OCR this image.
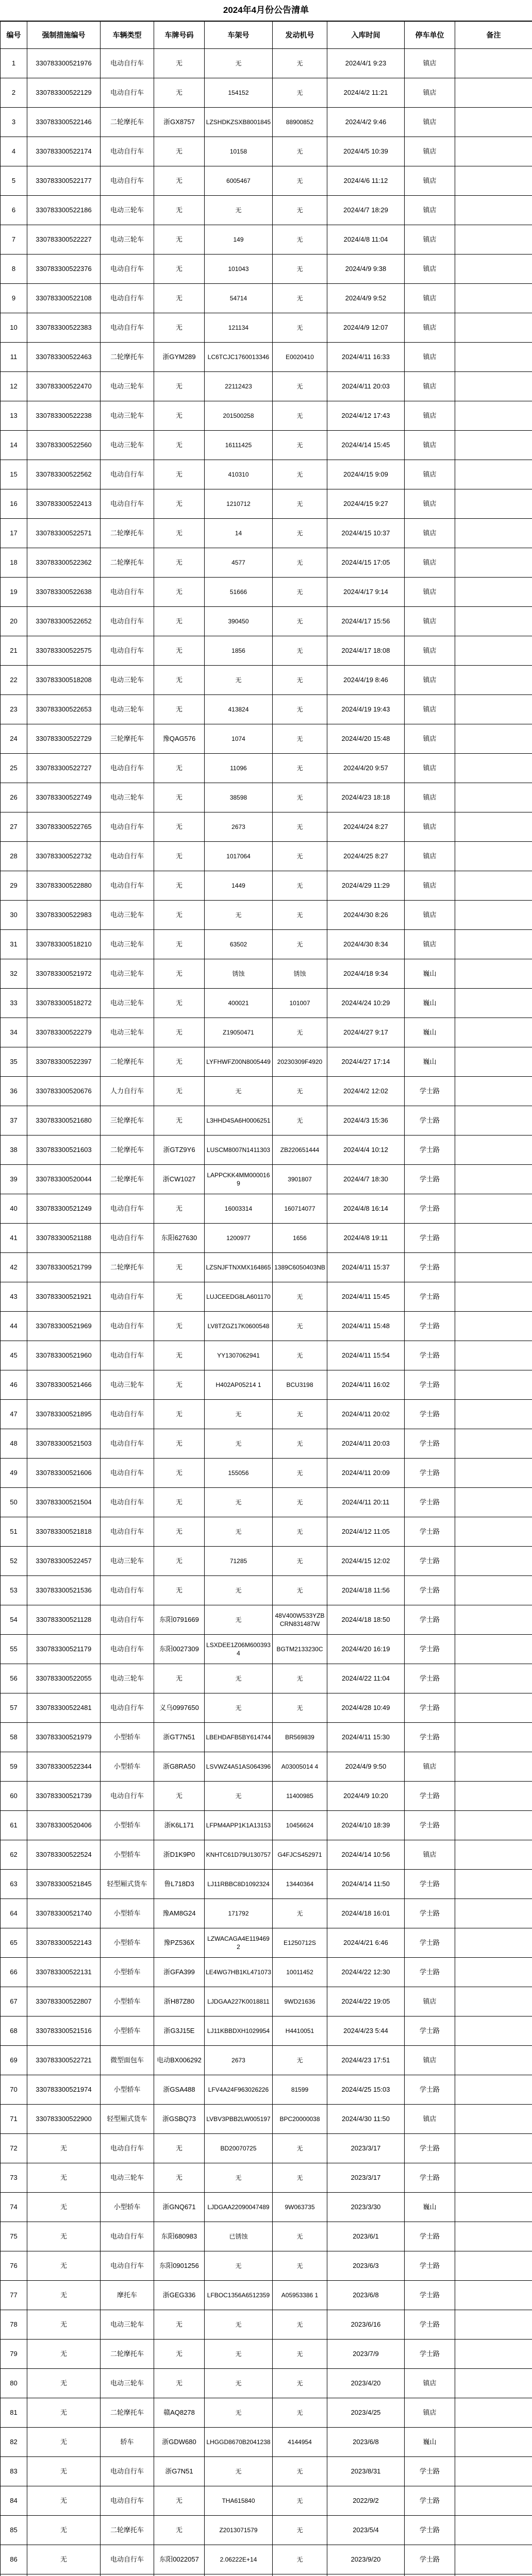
2024年4月份公告清单
编号	强制措施编号	车辆类型	车牌号码	车架号	发动机号	入库时间	停车单位	备注
1	330783300521976	电动自行车	无	无	无	2024/4/1 9:23	镇店	
2	330783300522129	电动自行车	无	154152	无	2024/4/2 11:21	镇店	
3	330783300522146	二轮摩托车	浙GX8757	LZSHDKZSXB8001845	88900852	2024/4/2 9:46	镇店	
4	330783300522174	电动自行车	无	10158	无	2024/4/5 10:39	镇店	
5	330783300522177	电动自行车	无	6005467	无	2024/4/6 11:12	镇店	
6	330783300522186	电动三轮车	无	无	无	2024/4/7 18:29	镇店	
7	330783300522227	电动三轮车	无	149	无	2024/4/8 11:04	镇店	
8	330783300522376	电动自行车	无	101043	无	2024/4/9 9:38	镇店	
9	330783300522108	电动自行车	无	54714	无	2024/4/9 9:52	镇店	
10	330783300522383	电动自行车	无	121134	无	2024/4/9 12:07	镇店	
11	330783300522463	二轮摩托车	浙GYM289	LC6TCJC1760013346	E0020410	2024/4/11 16:33	镇店	
12	330783300522470	电动三轮车	无	22112423	无	2024/4/11 20:03	镇店	
13	330783300522238	电动三轮车	无	201500258	无	2024/4/12 17:43	镇店	
14	330783300522560	电动三轮车	无	16111425	无	2024/4/14 15:45	镇店	
15	330783300522562	电动自行车	无	410310	无	2024/4/15 9:09	镇店	
16	330783300522413	电动自行车	无	1210712	无	2024/4/15 9:27	镇店	
17	330783300522571	二轮摩托车	无	14	无	2024/4/15 10:37	镇店	
18	330783300522362	二轮摩托车	无	4577	无	2024/4/15 17:05	镇店	
19	330783300522638	电动自行车	无	51666	无	2024/4/17 9:14	镇店	
20	330783300522652	电动自行车	无	390450	无	2024/4/17 15:56	镇店	
21	330783300522575	电动自行车	无	1856	无	2024/4/17 18:08	镇店	
22	330783300518208	电动三轮车	无	无	无	2024/4/19 8:46	镇店	
23	330783300522653	电动三轮车	无	413824	无	2024/4/19 19:43	镇店	
24	330783300522729	三轮摩托车	豫QAG576	1074	无	2024/4/20 15:48	镇店	
25	330783300522727	电动自行车	无	11096	无	2024/4/20 9:57	镇店	
26	330783300522749	电动三轮车	无	38598	无	2024/4/23 18:18	镇店	
27	330783300522765	电动自行车	无	2673	无	2024/4/24 8:27	镇店	
28	330783300522732	电动自行车	无	1017064	无	2024/4/25 8:27	镇店	
29	330783300522880	电动自行车	无	1449	无	2024/4/29 11:29	镇店	
30	330783300522983	电动三轮车	无	无	无	2024/4/30 8:26	镇店	
31	330783300518210	电动三轮车	无	63502	无	2024/4/30 8:34	镇店	
32	330783300521972	电动三轮车	无	锈蚀	锈蚀	2024/4/18 9:34	巍山	
33	330783300518272	电动三轮车	无	400021	101007	2024/4/24 10:29	巍山	
34	330783300522279	电动三轮车	无	Z19050471	无	2024/4/27 9:17	巍山	
35	330783300522397	二轮摩托车	无	LYFHWFZ00N8005449	20230309F4920	2024/4/27 17:14	巍山	
36	330783300520676	人力自行车	无	无	无	2024/4/2 12:02	学士路	
37	330783300521680	三轮摩托车	无	L3HHD4SA6H0006251	无	2024/4/3 15:36	学士路	
38	330783300521603	二轮摩托车	浙GTZ9Y6	LUSCM8007N1411303	ZB220651444	2024/4/4 10:12	学士路	
39	330783300520044	二轮摩托车	浙CW1027	LAPPCKK4MM0000169	3901807	2024/4/7 18:30	学士路	
40	330783300521249	电动自行车	无	16003314	160714077	2024/4/8 16:14	学士路	
41	330783300521188	电动自行车	东阳627630	1200977	1656	2024/4/8 19:11	学士路	
42	330783300521799	二轮摩托车	无	LZSNJFTNXMX164865	1389C6050403NB	2024/4/11 15:37	学士路	
43	330783300521921	电动自行车	无	LUJCEEDG8LA601170	无	2024/4/11 15:45	学士路	
44	330783300521969	电动自行车	无	LV8TZGZ17K0600548	无	2024/4/11 15:48	学士路	
45	330783300521960	电动自行车	无	YY1307062941	无	2024/4/11 15:54	学士路	
46	330783300521466	电动三轮车	无	H402AP05214 1	BCU3198	2024/4/11 16:02	学士路	
47	330783300521895	电动自行车	无	无	无	2024/4/11 20:02	学士路	
48	330783300521503	电动自行车	无	无	无	2024/4/11 20:03	学士路	
49	330783300521606	电动自行车	无	155056	无	2024/4/11 20:09	学士路	
50	330783300521504	电动自行车	无	无	无	2024/4/11 20:11	学士路	
51	330783300521818	电动自行车	无	无	无	2024/4/12 11:05	学士路	
52	330783300522457	电动三轮车	无	71285	无	2024/4/15 12:02	学士路	
53	330783300521536	电动自行车	无	无	无	2024/4/18 11:56	学士路	
54	330783300521128	电动自行车	东阳0791669	无	48V400W533YZBCRN831487W	2024/4/18 18:50	学士路	
55	330783300521179	电动自行车	东阳0027309	LSXDEE1Z06M6003934	BGTM2133230C	2024/4/20 16:19	学士路	
56	330783300522055	电动三轮车	无	无	无	2024/4/22 11:04	学士路	
57	330783300522481	电动自行车	义乌0997650	无	无	2024/4/28 10:49	学士路	
58	330783300521979	小型轿车	浙GT7N51	LBEHDAFB5BY614744	BR569839	2024/4/11 15:30	学士路	
59	330783300522344	小型轿车	浙G8RA50	LSVWZ4A51AS064396	A03005014 4	2024/4/9 9:50	镇店	
60	330783300521739	电动自行车	无	无	11400985	2024/4/9 10:20	学士路	
61	330783300520406	小型轿车	浙K6L171	LFPM4APP1K1A13153	10456624	2024/4/10 18:39	学士路	
62	330783300522524	小型轿车	浙D1K9P0	KNHTC61D79U130757	G4FJCS452971	2024/4/14 10:56	镇店	
63	330783300521845	轻型厢式货车	鲁L718D3	LJ11RBBC8D1092324	13440364	2024/4/14 11:50	学士路	
64	330783300521740	小型轿车	豫AM8G24	171792	无	2024/4/18 16:01	学士路	
65	330783300522143	小型轿车	豫PZ536X	LZWACAGA4E1194692	E1250712S	2024/4/21 6:46	学士路	
66	330783300522131	小型轿车	浙GFA399	LE4WG7HB1KL471073	10011452	2024/4/22 12:30	学士路	
67	330783300522807	小型轿车	浙H87Z80	LJDGAA227K0018811	9WD21636	2024/4/22 19:05	镇店	
68	330783300521516	小型轿车	浙G3J15E	LJ11KBBDXH1029954	H4410051	2024/4/23 5:44	学士路	
69	330783300522721	微型面包车	电动BX006292	2673	无	2024/4/23 17:51	镇店	
70	330783300521974	小型轿车	浙GSA488	LFV4A24F963026226	81599	2024/4/25 15:03	学士路	
71	330783300522900	轻型厢式货车	浙GSBQ73	LVBV3PBB2LW005197	BPC20000038	2024/4/30 11:50	镇店	
72	无	电动自行车	无	BD20070725	无	2023/3/17	学士路	
73	无	电动三轮车	无	无	无	2023/3/17	学士路	
74	无	小型轿车	浙GNQ671	LJDGAA22090047489	9W063735	2023/3/30	巍山	
75	无	电动自行车	东阳680983	已锈蚀	无	2023/6/1	学士路	
76	无	电动自行车	东阳0901256	无	无	2023/6/3	学士路	
77	无	摩托车	浙GEG336	LFBOC1356A6512359	A05953386 1	2023/6/8	学士路	
78	无	电动三轮车	无	无	无	2023/6/16	学士路	
79	无	二轮摩托车	无	无	无	2023/7/9	学士路	
80	无	电动三轮车	无	无	无	2023/4/20	镇店	
81	无	二轮摩托车	赣AQ8278	无	无	2023/4/25	镇店	
82	无	轿车	浙GDW680	LHGGD8670B2041238	4144954	2023/6/8	巍山	
83	无	电动自行车	浙G7N51	无	无	2023/8/31	学士路	
84	无	电动自行车	无	THA615840	无	2022/9/2	学士路	
85	无	二轮摩托车	无	Z2013071579	无	2023/5/4	学士路	
86	无	电动自行车	东阳0022057	2.06222E+14	无	2023/9/20	学士路	
